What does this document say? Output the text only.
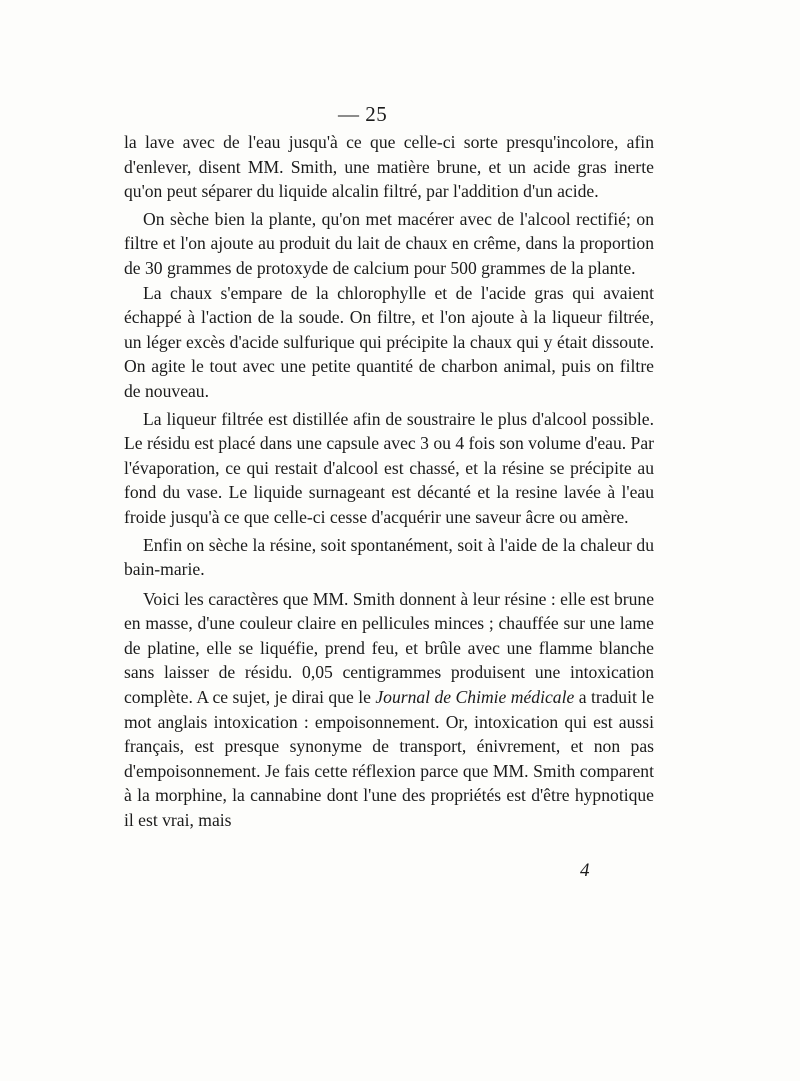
— 25

la lave avec de l'eau jusqu'à ce que celle-ci sorte presqu'incolore, afin d'enlever, disent MM. Smith, une matière brune, et un acide gras inerte qu'on peut séparer du liquide alcalin filtré, par l'addition d'un acide.

On sèche bien la plante, qu'on met macérer avec de l'alcool rectifié; on filtre et l'on ajoute au produit du lait de chaux en crême, dans la proportion de 30 grammes de protoxyde de calcium pour 500 grammes de la plante.

La chaux s'empare de la chlorophylle et de l'acide gras qui avaient échappé à l'action de la soude. On filtre, et l'on ajoute à la liqueur filtrée, un léger excès d'acide sulfurique qui précipite la chaux qui y était dissoute. On agite le tout avec une petite quantité de charbon animal, puis on filtre de nouveau.

La liqueur filtrée est distillée afin de soustraire le plus d'alcool possible. Le résidu est placé dans une capsule avec 3 ou 4 fois son volume d'eau. Par l'évaporation, ce qui restait d'alcool est chassé, et la résine se précipite au fond du vase. Le liquide surnageant est décanté et la resine lavée à l'eau froide jusqu'à ce que celle-ci cesse d'acquérir une saveur âcre ou amère.

Enfin on sèche la résine, soit spontanément, soit à l'aide de la chaleur du bain-marie.

Voici les caractères que MM. Smith donnent à leur résine : elle est brune en masse, d'une couleur claire en pellicules minces ; chauffée sur une lame de platine, elle se liquéfie, prend feu, et brûle avec une flamme blanche sans laisser de résidu. 0,05 centigrammes produisent une intoxication complète. A ce sujet, je dirai que le Journal de Chimie médicale a traduit le mot anglais intoxication : empoisonnement. Or, intoxication qui est aussi français, est presque synonyme de transport, énivrement, et non pas d'empoisonnement. Je fais cette réflexion parce que MM. Smith comparent à la morphine, la cannabine dont l'une des propriétés est d'être hypnotique il est vrai, mais

4
